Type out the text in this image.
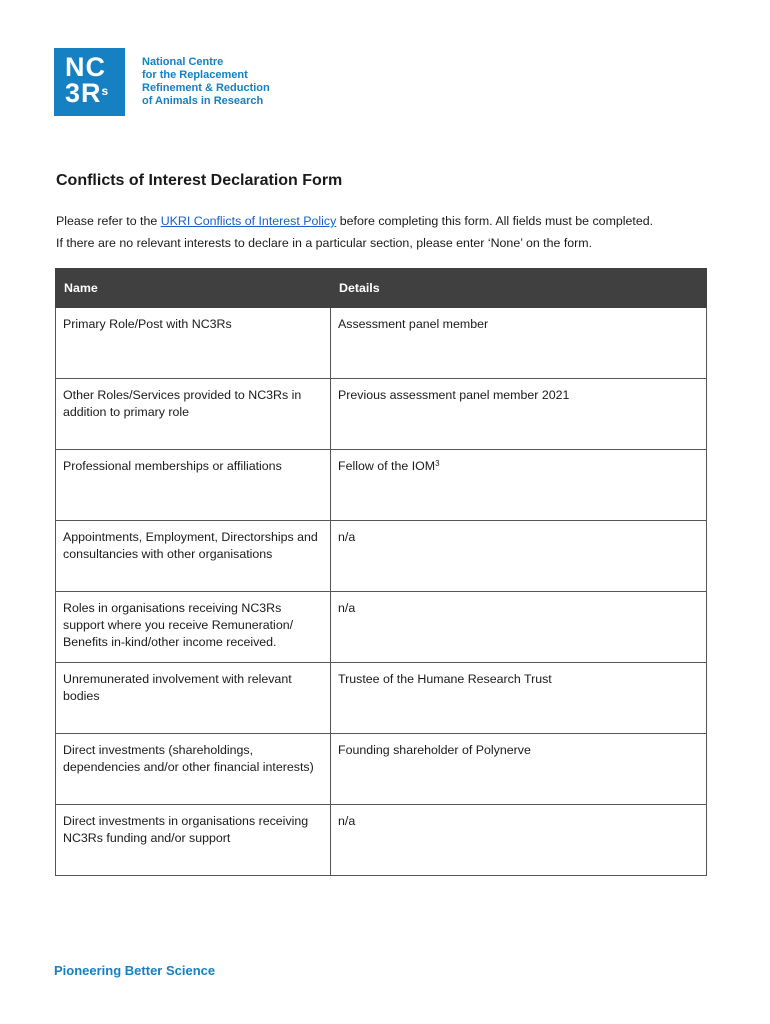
NC
$3R^s$
National Centre
for the Replacement
Refinement & Reduction
of Animals in Research
Conflicts of Interest Declaration Form

Please refer to the UKRI Conflicts of Interest Policy before completing this form. All fields must be completed.

If there are no relevant interests to declare in a particular section, please enter ‘None’ on the form.

Name	Details
Primary Role/Post with NC3Rs	Assessment panel member
Other Roles/Services provided to NC3Rs in addition to primary role	Previous assessment panel member 2021
Professional memberships or affiliations	Fellow of the IOM$^3$
Appointments, Employment, Directorships and consultancies with other organisations	n/a
Roles in organisations receiving NC3Rs support where you receive Remuneration/ Benefits in-kind/other income received.	n/a
Unremunerated involvement with relevant bodies	Trustee of the Humane Research Trust
Direct investments (shareholdings, dependencies and/or other financial interests)	Founding shareholder of Polynerve
Direct investments in organisations receiving NC3Rs funding and/or support	n/a
Pioneering Better Science
